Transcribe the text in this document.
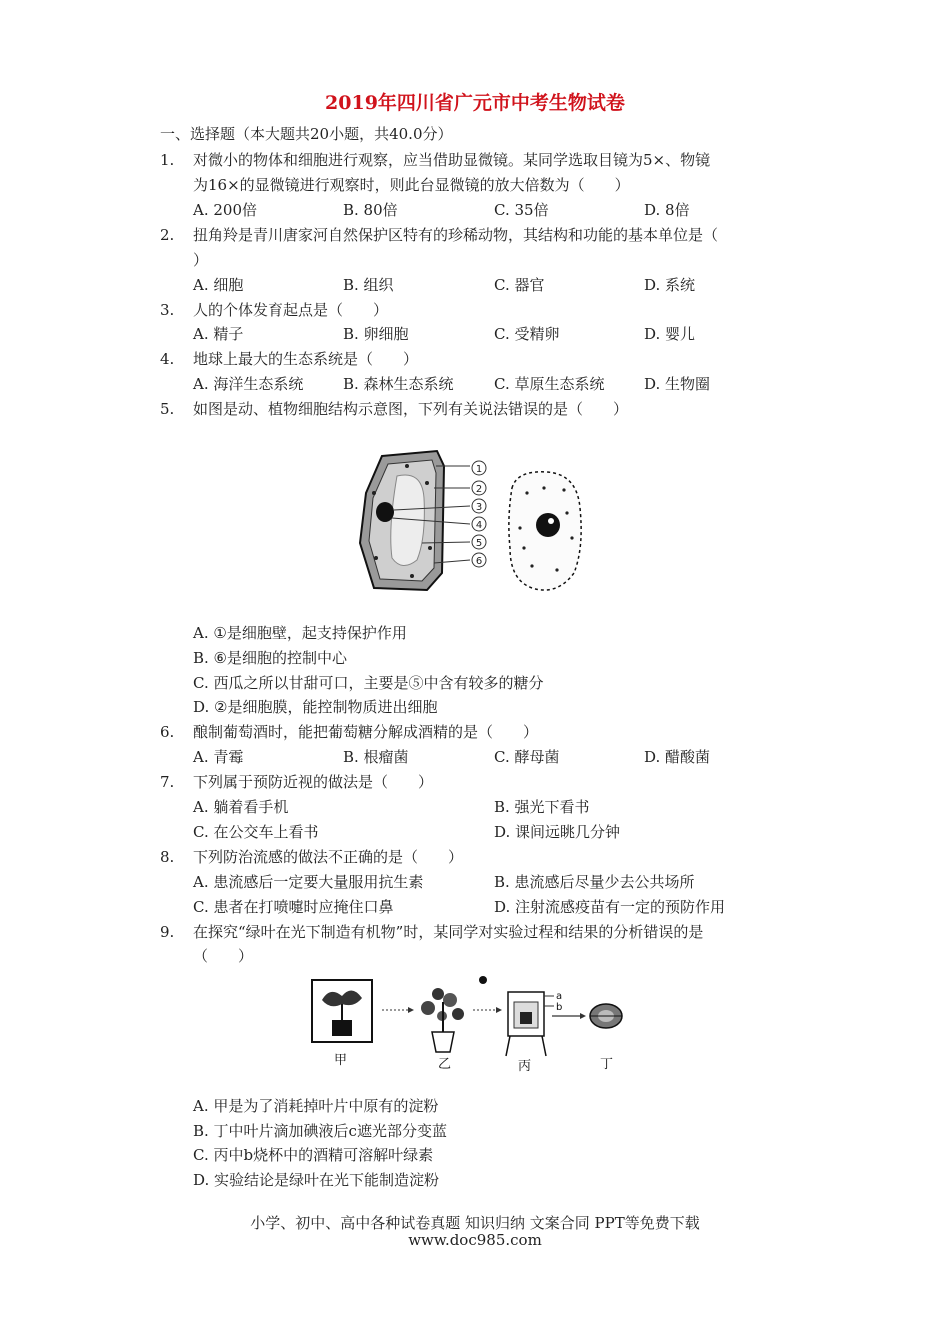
2019年四川省广元市中考生物试卷
一、选择题（本大题共20小题，共40.0分）
1. 对微小的物体和细胞进行观察，应当借助显微镜。某同学选取目镜为5×、物镜
为16×的显微镜进行观察时，则此台显微镜的放大倍数为（　　）
A. 200倍	B. 80倍	C. 35倍	D. 8倍
2. 扭角羚是青川唐家河自然保护区特有的珍稀动物，其结构和功能的基本单位是（
）
A. 细胞	B. 组织	C. 器官	D. 系统
3. 人的个体发育起点是（　　）
A. 精子	B. 卵细胞	C. 受精卵	D. 婴儿
4. 地球上最大的生态系统是（　　）
A. 海洋生态系统	B. 森林生态系统	C. 草原生态系统	D. 生物圈
5. 如图是动、植物细胞结构示意图，下列有关说法错误的是（　　）
1
2
3
4
5
6
A. ①是细胞壁，起支持保护作用
B. ⑥是细胞的控制中心
C. 西瓜之所以甘甜可口，主要是⑤中含有较多的糖分
D. ②是细胞膜，能控制物质进出细胞
6. 酿制葡萄酒时，能把葡萄糖分解成酒精的是（　　）
A. 青霉	B. 根瘤菌	C. 酵母菌	D. 醋酸菌
7. 下列属于预防近视的做法是（　　）
A. 躺着看手机	B. 强光下看书
C. 在公交车上看书	D. 课间远眺几分钟
8. 下列防治流感的做法不正确的是（　　）
A. 患流感后一定要大量服用抗生素	B. 患流感后尽量少去公共场所
C. 患者在打喷嚏时应掩住口鼻	D. 注射流感疫苗有一定的预防作用
9. 在探究“绿叶在光下制造有机物”时，某同学对实验过程和结果的分析错误的是
（　　）
甲	乙
a
b
丙	丁
A. 甲是为了消耗掉叶片中原有的淀粉
B. 丁中叶片滴加碘液后c遮光部分变蓝
C. 丙中b烧杯中的酒精可溶解叶绿素
D. 实验结论是绿叶在光下能制造淀粉
小学、初中、高中各种试卷真题 知识归纳 文案合同 PPT等免费下载
www.doc985.com
